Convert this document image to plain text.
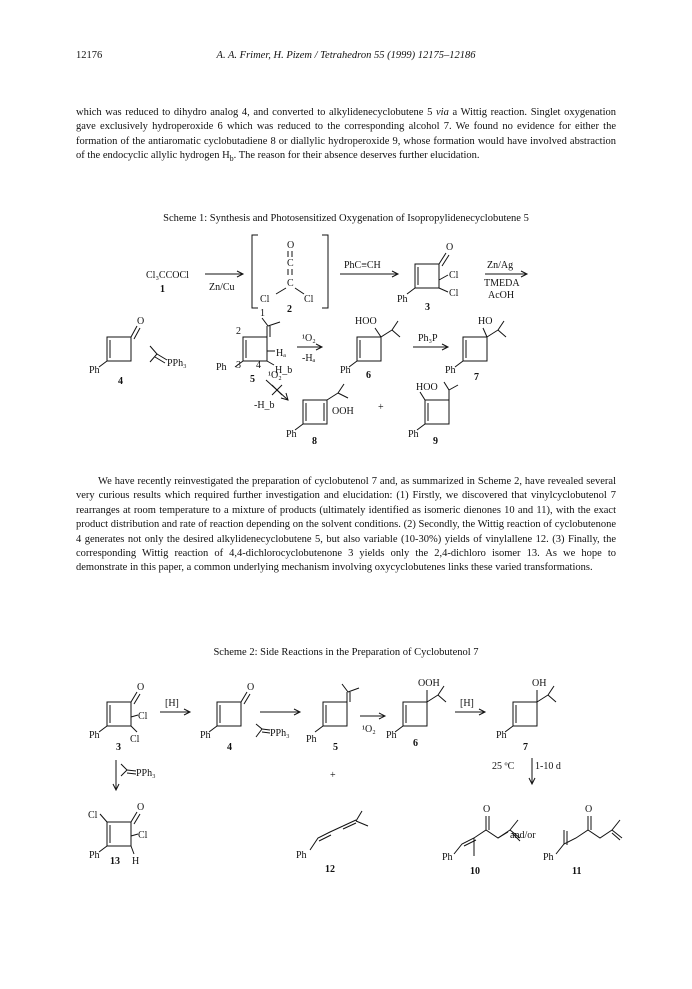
12176	A. A. Frimer, H. Pizem / Tetrahedron 55 (1999) 12175–12186

which was reduced to dihydro analog 4, and converted to alkylidenecyclobutene 5 via a Wittig reaction. Singlet oxygenation gave exclusively hydroperoxide 6 which was reduced to the corresponding alcohol 7. We found no evidence for either the formation of the antiaromatic cyclobutadiene 8 or diallylic hydroperoxide 9, whose formation would have involved abstraction of the endocyclic allylic hydrogen $H_b$. The reason for their absence deserves further elucidation.

Scheme 1: Synthesis and Photosensitized Oxygenation of Isopropylidenecyclobutene 5
Cl₃CCOCl
1	Zn/Cu
O
C
C
Cl	Cl
2
PhC≡CH
O
Cl
Cl
Ph
3
Zn/Ag
TMEDA
AcOH
O
Ph
4
PPh₃
1
2
3 4
Ph
Hₐ
H_b
5
¹O₂
-Hₐ
HOO
Ph 6
Ph₃P
HO
Ph
7
¹O₂
-H_b
OOH
Ph
8
+
HOO
Ph
9

We have recently reinvestigated the preparation of cyclobutenol 7 and, as summarized in Scheme 2, have revealed several very curious results which required further investigation and elucidation: (1) Firstly, we discovered that vinylcyclobutenol 7 rearranges at room temperature to a mixture of products (ultimately identified as isomeric dienones 10 and 11), with the exact product distribution and rate of reaction depending on the solvent conditions. (2) Secondly, the Wittig reaction of cyclobutenone 4 generates not only the desired alkylidenecyclobutene 5, but also variable (10-30%) yields of vinylallene 12. (3) Finally, the corresponding Wittig reaction of 4,4-dichlorocyclobutenone 3 yields only the 2,4-dichloro isomer 13. As we hope to demonstrate in this paper, a common underlying mechanism involving oxycyclobutenes links these varied transformations.

Scheme 2: Side Reactions in the Preparation of Cyclobutenol 7
O
Cl
Cl
Ph
3
[H]
O
Ph
4
PPh₃
Ph
5
¹O₂
OOH
Ph
6
[H]
OH
Ph
7
25 ºC 1-10 d
PPh₃	+
O
Cl
Cl
Ph
H
13
Ph
12
O
Ph
10
and/or
O
Ph
11
